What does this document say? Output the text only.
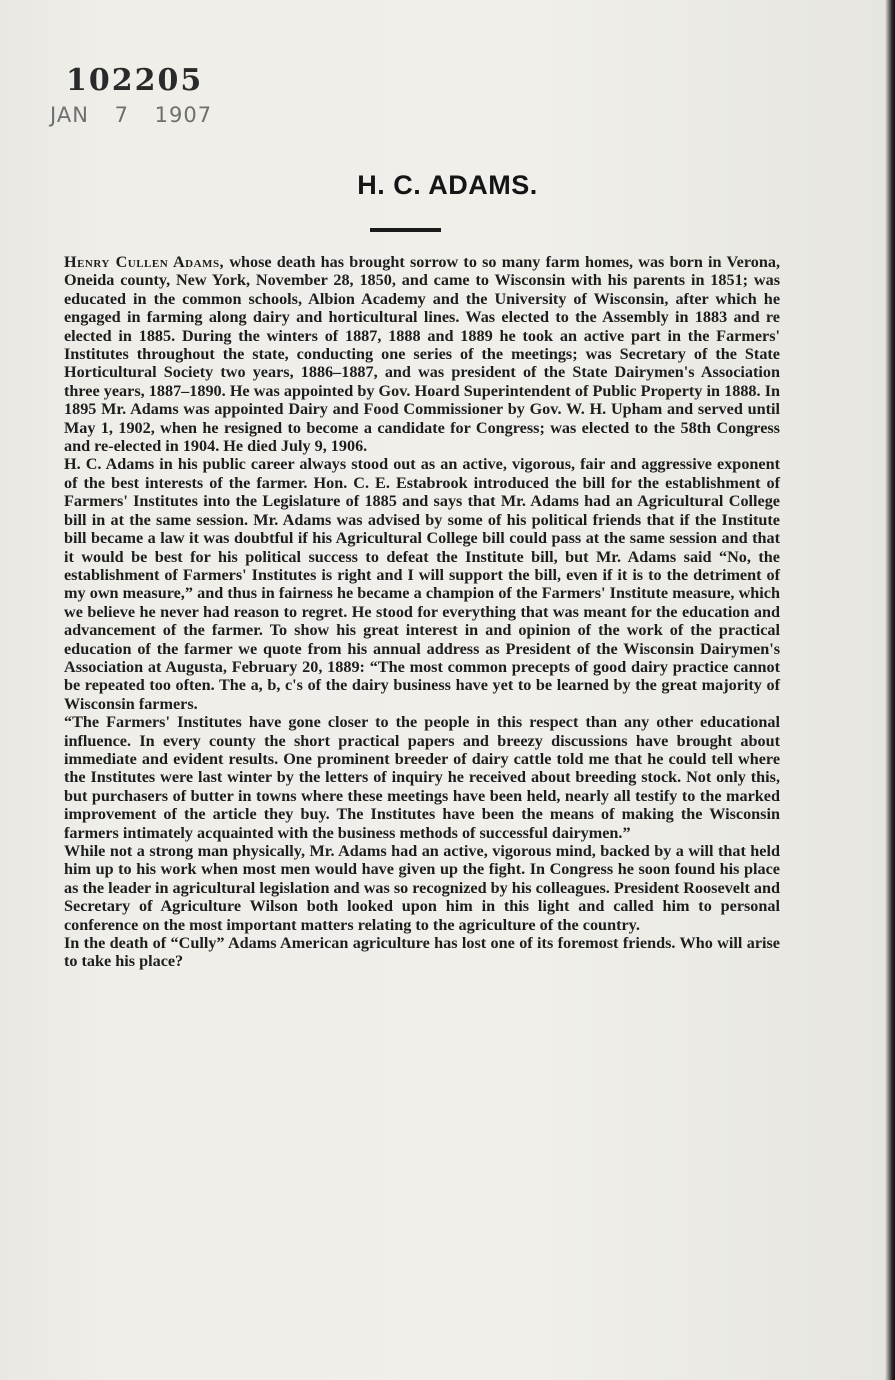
102205
JAN 7 1907
H. C. ADAMS.

Henry Cullen Adams, whose death has brought sorrow to so many farm homes, was born in Verona, Oneida county, New York, November 28, 1850, and came to Wisconsin with his parents in 1851; was educated in the common schools, Albion Academy and the University of Wisconsin, after which he engaged in farming along dairy and horticultural lines. Was elected to the Assembly in 1883 and re elected in 1885. During the winters of 1887, 1888 and 1889 he took an active part in the Farmers' Institutes throughout the state, conducting one series of the meetings; was Secretary of the State Horticultural Society two years, 1886–1887, and was president of the State Dairymen's Association three years, 1887–1890. He was appointed by Gov. Hoard Superintendent of Public Property in 1888. In 1895 Mr. Adams was appointed Dairy and Food Commissioner by Gov. W. H. Upham and served until May 1, 1902, when he resigned to become a candidate for Congress; was elected to the 58th Congress and re-elected in 1904. He died July 9, 1906.

H. C. Adams in his public career always stood out as an active, vigorous, fair and aggressive exponent of the best interests of the farmer. Hon. C. E. Estabrook introduced the bill for the establishment of Farmers' Institutes into the Legislature of 1885 and says that Mr. Adams had an Agricultural College bill in at the same session. Mr. Adams was advised by some of his political friends that if the Institute bill became a law it was doubtful if his Agricultural College bill could pass at the same session and that it would be best for his political success to defeat the Institute bill, but Mr. Adams said “No, the establishment of Farmers' Institutes is right and I will support the bill, even if it is to the detriment of my own measure,” and thus in fairness he became a champion of the Farmers' Institute measure, which we believe he never had reason to regret. He stood for everything that was meant for the education and advancement of the farmer. To show his great interest in and opinion of the work of the practical education of the farmer we quote from his annual address as President of the Wisconsin Dairymen's Association at Augusta, February 20, 1889: “The most common precepts of good dairy practice cannot be repeated too often. The a, b, c's of the dairy business have yet to be learned by the great majority of Wisconsin farmers.

“The Farmers' Institutes have gone closer to the people in this respect than any other educational influence. In every county the short practical papers and breezy discussions have brought about immediate and evident results. One prominent breeder of dairy cattle told me that he could tell where the Institutes were last winter by the letters of inquiry he received about breeding stock. Not only this, but purchasers of butter in towns where these meetings have been held, nearly all testify to the marked improvement of the article they buy. The Institutes have been the means of making the Wisconsin farmers intimately acquainted with the business methods of successful dairymen.”

While not a strong man physically, Mr. Adams had an active, vigorous mind, backed by a will that held him up to his work when most men would have given up the fight. In Congress he soon found his place as the leader in agricultural legislation and was so recognized by his colleagues. President Roosevelt and Secretary of Agriculture Wilson both looked upon him in this light and called him to personal conference on the most important matters relating to the agriculture of the country.

In the death of “Cully” Adams American agriculture has lost one of its foremost friends. Who will arise to take his place?
